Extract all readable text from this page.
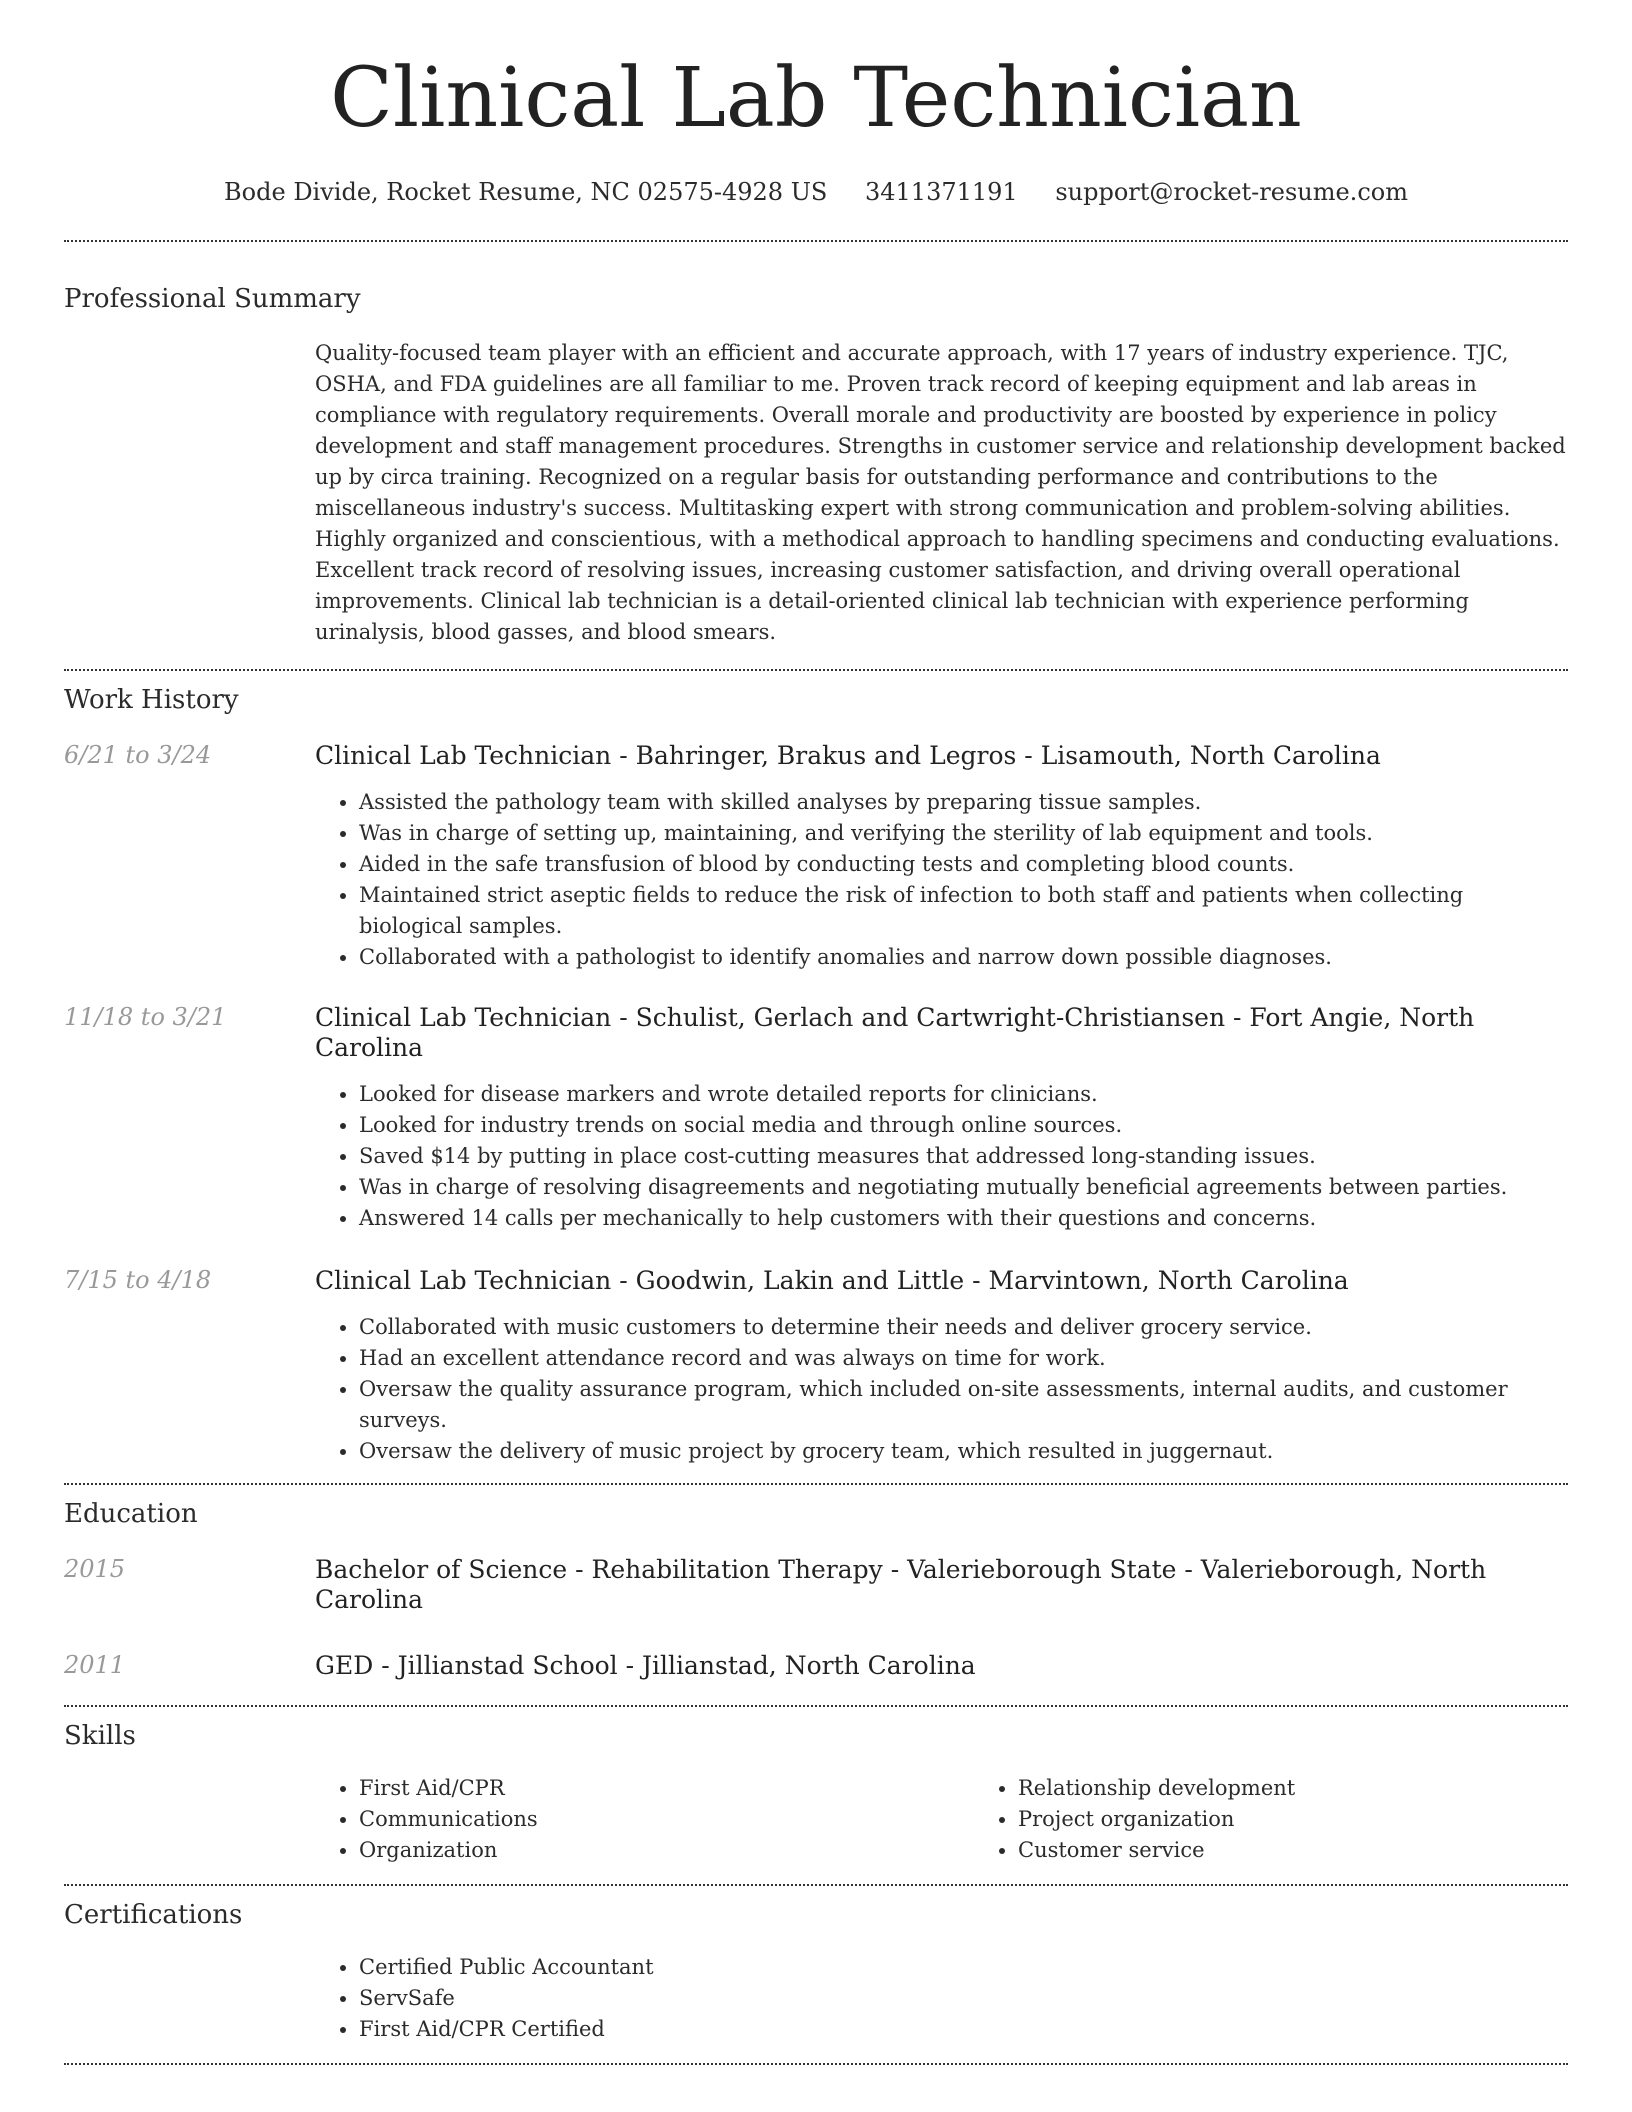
Clinical Lab Technician
Bode Divide, Rocket Resume, NC 02575-4928 US 3411371191 support@rocket-resume.com
Professional Summary

Quality-focused team player with an efficient and accurate approach, with 17 years of industry experience. TJC, OSHA, and FDA guidelines are all familiar to me. Proven track record of keeping equipment and lab areas in compliance with regulatory requirements. Overall morale and productivity are boosted by experience in policy development and staff management procedures. Strengths in customer service and relationship development backed up by circa training. Recognized on a regular basis for outstanding performance and contributions to the miscellaneous industry's success. Multitasking expert with strong communication and problem-solving abilities. Highly organized and conscientious, with a methodical approach to handling specimens and conducting evaluations. Excellent track record of resolving issues, increasing customer satisfaction, and driving overall operational improvements. Clinical lab technician is a detail-oriented clinical lab technician with experience performing urinalysis, blood gasses, and blood smears.

Work History
6/21 to 3/24	Clinical Lab Technician - Bahringer, Brakus and Legros - Lisamouth, North Carolina
• Assisted the pathology team with skilled analyses by preparing tissue samples.
• Was in charge of setting up, maintaining, and verifying the sterility of lab equipment and tools.
• Aided in the safe transfusion of blood by conducting tests and completing blood counts.
• Maintained strict aseptic fields to reduce the risk of infection to both staff and patients when collecting biological samples.
• Collaborated with a pathologist to identify anomalies and narrow down possible diagnoses.
11/18 to 3/21	Clinical Lab Technician - Schulist, Gerlach and Cartwright-Christiansen - Fort Angie, North Carolina
• Looked for disease markers and wrote detailed reports for clinicians.
• Looked for industry trends on social media and through online sources.
• Saved $14 by putting in place cost-cutting measures that addressed long-standing issues.
• Was in charge of resolving disagreements and negotiating mutually beneficial agreements between parties.
• Answered 14 calls per mechanically to help customers with their questions and concerns.
7/15 to 4/18	Clinical Lab Technician - Goodwin, Lakin and Little - Marvintown, North Carolina
• Collaborated with music customers to determine their needs and deliver grocery service.
• Had an excellent attendance record and was always on time for work.
• Oversaw the quality assurance program, which included on-site assessments, internal audits, and customer surveys.
• Oversaw the delivery of music project by grocery team, which resulted in juggernaut.
Education
2015	Bachelor of Science - Rehabilitation Therapy - Valerieborough State - Valerieborough, North Carolina
2011	GED - Jillianstad School - Jillianstad, North Carolina
Skills
• First Aid/CPR
• Communications
• Organization
• Relationship development
• Project organization
• Customer service
Certifications
• Certified Public Accountant
• ServSafe
• First Aid/CPR Certified
